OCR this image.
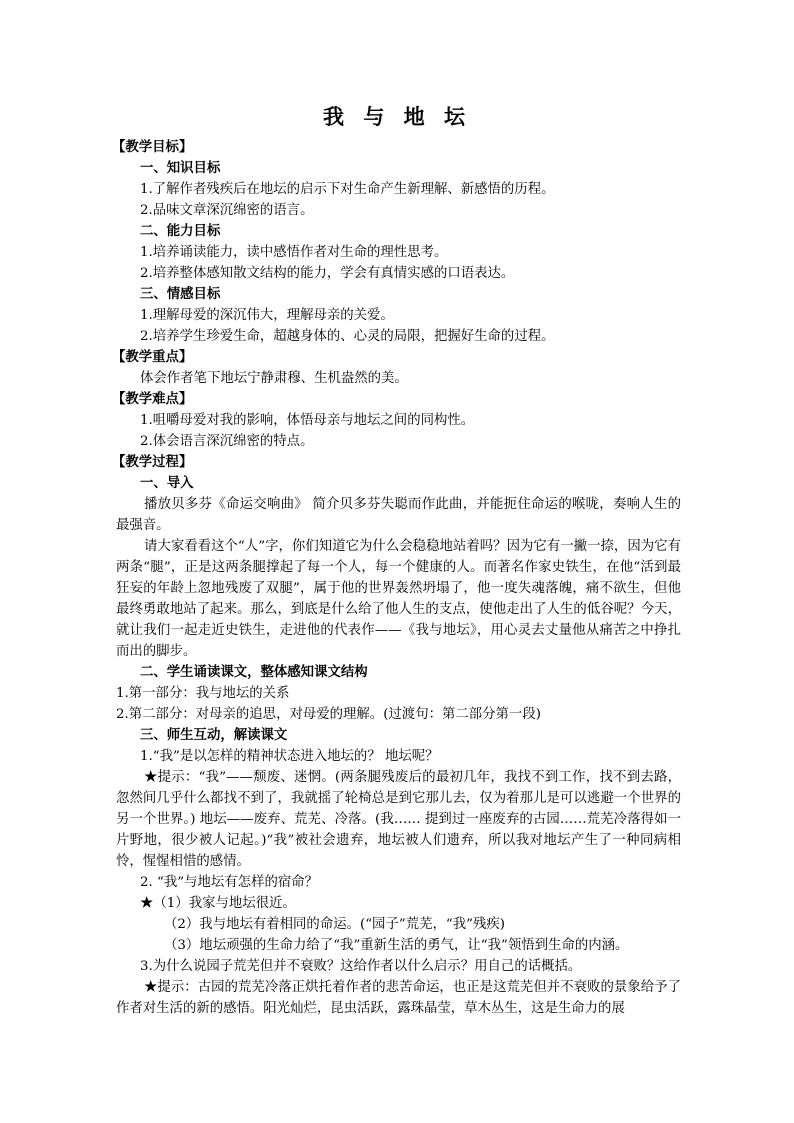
我 与 地 坛
【教学目标】
一、知识目标
1.了解作者残疾后在地坛的启示下对生命产生新理解、新感悟的历程。
2.品味文章深沉绵密的语言。
二、能力目标
1.培养诵读能力，读中感悟作者对生命的理性思考。
2.培养整体感知散文结构的能力，学会有真情实感的口语表达。
三、情感目标
1.理解母爱的深沉伟大，理解母亲的关爱。
2.培养学生珍爱生命，超越身体的、心灵的局限，把握好生命的过程。
【教学重点】
体会作者笔下地坛宁静肃穆、生机盎然的美。
【教学难点】
1.咀嚼母爱对我的影响，体悟母亲与地坛之间的同构性。
2.体会语言深沉绵密的特点。
【教学过程】
一、导入
播放贝多芬《命运交响曲》 简介贝多芬失聪而作此曲，并能扼住命运的喉咙，奏响人生的最强音。
请大家看看这个“人”字，你们知道它为什么会稳稳地站着吗？因为它有一撇一捺，因为它有两条“腿”，正是这两条腿撑起了每一个人，每一个健康的人。而著名作家史铁生，在他“活到最狂妄的年龄上忽地残废了双腿”，属于他的世界轰然坍塌了，他一度失魂落魄，痛不欲生，但他最终勇敢地站了起来。那么，到底是什么给了他人生的支点，使他走出了人生的低谷呢？今天，就让我们一起走近史铁生，走进他的代表作——《我与地坛》，用心灵去丈量他从痛苦之中挣扎而出的脚步。
二、学生诵读课文，整体感知课文结构
1.第一部分：我与地坛的关系
2.第二部分：对母亲的追思，对母爱的理解。(过渡句：第二部分第一段)
三、师生互动，解读课文
1.“我”是以怎样的精神状态进入地坛的？ 地坛呢？
★提示：“我”——颓废、迷惘。(两条腿残废后的最初几年，我找不到工作，找不到去路，忽然间几乎什么都找不到了，我就摇了轮椅总是到它那儿去，仅为着那儿是可以逃避一个世界的另一个世界。) 地坛——废弃、荒芜、冷落。(我…… 提到过一座废弃的古园……荒芜冷落得如一片野地，很少被人记起。)“我”被社会遗弃，地坛被人们遗弃，所以我对地坛产生了一种同病相怜，惺惺相惜的感情。
2. “我”与地坛有怎样的宿命？
★（1）我家与地坛很近。
（2）我与地坛有着相同的命运。(“园子”荒芜，“我”残疾)
（3）地坛顽强的生命力给了“我”重新生活的勇气，让“我”领悟到生命的内涵。
3.为什么说园子荒芜但并不衰败？这给作者以什么启示？用自己的话概括。
★提示：古园的荒芜冷落正烘托着作者的悲苦命运，也正是这荒芜但并不衰败的景象给予了作者对生活的新的感悟。阳光灿烂，昆虫活跃，露珠晶莹，草木丛生，这是生命力的展
